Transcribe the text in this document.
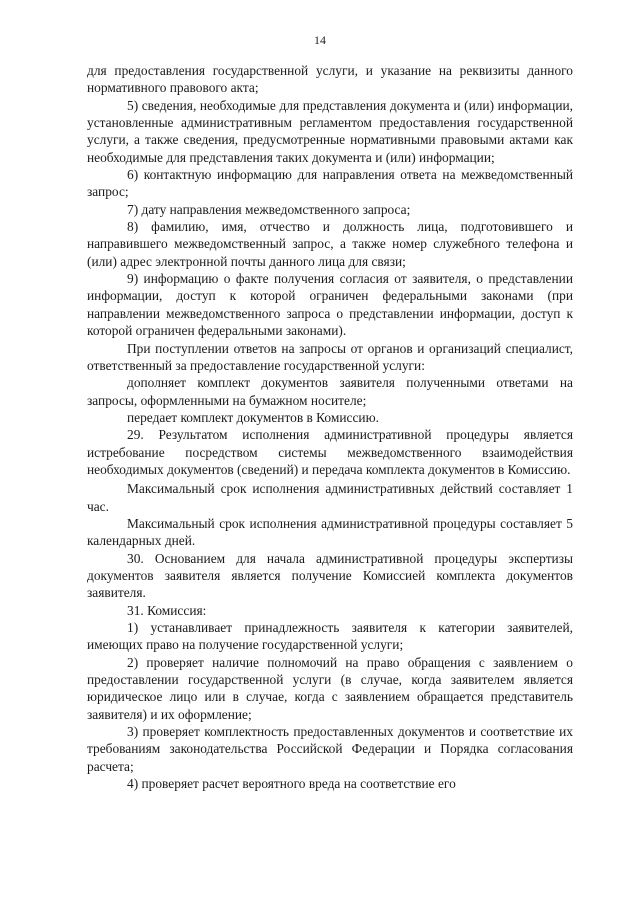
14

для предоставления государственной услуги, и указание на реквизиты данного нормативного правового акта;

5) сведения, необходимые для представления документа и (или) информации, установленные административным регламентом предоставления государственной услуги, а также сведения, предусмотренные нормативными правовыми актами как необходимые для представления таких документа и (или) информации;

6) контактную информацию для направления ответа на межведомственный запрос;

7) дату направления межведомственного запроса;

8) фамилию, имя, отчество и должность лица, подготовившего и направившего межведомственный запрос, а также номер служебного телефона и (или) адрес электронной почты данного лица для связи;

9) информацию о факте получения согласия от заявителя, о представлении информации, доступ к которой ограничен федеральными законами (при направлении межведомственного запроса о представлении информации, доступ к которой ограничен федеральными законами).

При поступлении ответов на запросы от органов и организаций специалист, ответственный за предоставление государственной услуги:

дополняет комплект документов заявителя полученными ответами на запросы, оформленными на бумажном носителе;

передает комплект документов в Комиссию.

29. Результатом исполнения административной процедуры является истребование посредством системы межведомственного взаимодействия необходимых документов (сведений) и передача комплекта документов в Комиссию.

Максимальный срок исполнения административных действий составляет 1 час.

Максимальный срок исполнения административной процедуры составляет 5 календарных дней.

30. Основанием для начала административной процедуры экспертизы документов заявителя является получение Комиссией комплекта документов заявителя.

31. Комиссия:

1) устанавливает принадлежность заявителя к категории заявителей, имеющих право на получение государственной услуги;

2) проверяет наличие полномочий на право обращения с заявлением о предоставлении государственной услуги (в случае, когда заявителем является юридическое лицо или в случае, когда с заявлением обращается представитель заявителя) и их оформление;

3) проверяет комплектность предоставленных документов и соответствие их требованиям законодательства Российской Федерации и Порядка согласования расчета;

4) проверяет расчет вероятного вреда на соответствие его
